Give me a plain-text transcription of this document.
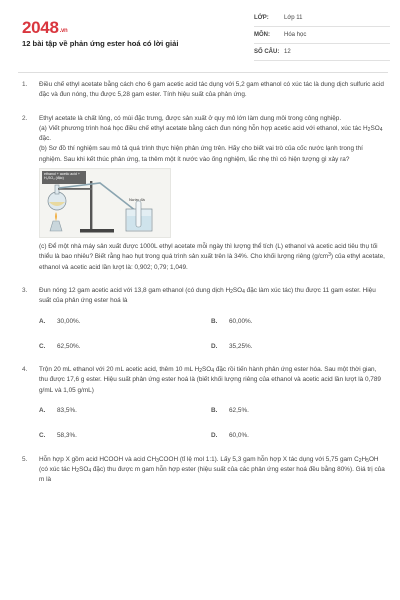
2048.vn
12 bài tập về phản ứng ester hoá có lời giải
LỚP:	Lớp 11
MÔN:	Hóa học
SỐ CÂU: 12
1.	Điều chế ethyl acetate bằng cách cho 6 gam acetic acid tác dụng với 5,2 gam ethanol có xúc tác là dung dịch sulfuric acid đặc và đun nóng, thu được 5,28 gam ester. Tính hiệu suất của phản ứng.
2.	Ethyl acetate là chất lỏng, có mùi đặc trưng, được sản xuất ở quy mô lớn làm dung môi trong công nghiệp.
(a) Viết phương trình hoá học điều chế ethyl acetate bằng cách đun nóng hỗn hợp acetic acid với ethanol, xúc tác $H_2SO_4$ đặc.
(b) Sơ đồ thí nghiệm sau mô tả quá trình thực hiện phản ứng trên. Hãy cho biết vai trò của cốc nước lạnh trong thí nghiệm. Sau khi kết thúc phản ứng, ta thêm một ít nước vào ống nghiệm, lắc nhẹ thì có hiện tượng gì xảy ra?
ethanol + acetic acid + H₂SO₄ (đặc)
Nước đá
(c) Để một nhà máy sản xuất được 1000L ethyl acetate mỗi ngày thì lượng thể tích (L) ethanol và acetic acid tiêu thụ tối thiểu là bao nhiêu? Biết rằng hao hụt trong quá trình sản xuất trên là 34%. Cho khối lượng riêng $(g/cm^3)$ của ethyl acetate, ethanol và acetic acid lần lượt là: 0,902; 0,79; 1,049.
3.	Đun nóng 12 gam acetic acid với 13,8 gam ethanol (có dung dịch $H_2SO_4$ đặc làm xúc tác) thu được 11 gam ester. Hiệu suất của phản ứng ester hoá là
A.	30,00%.	B.	60,00%.
C.	62,50%.	D.	35,25%.
4.	Trộn 20 mL ethanol với 20 mL acetic acid, thêm 10 mL $H_2SO_4$ đặc rồi tiến hành phản ứng ester hóa. Sau một thời gian, thu được 17,6 g ester. Hiệu suất phản ứng ester hoá là (biết khối lượng riêng của ethanol và acetic acid lần lượt là 0,789 g/mL và 1,05 g/mL)
A.	83,5%.	B.	62,5%.
C.	58,3%.	D.	60,0%.
5.	Hỗn hợp X gồm acid HCOOH và acid $CH_3COOH$ (tỉ lệ mol 1:1). Lấy 5,3 gam hỗn hợp X tác dụng với 5,75 gam $C_2H_5OH$ (có xúc tác $H_2SO_4$ đặc) thu được m gam hỗn hợp ester (hiệu suất của các phản ứng ester hoá đều bằng 80%). Giá trị của m là
